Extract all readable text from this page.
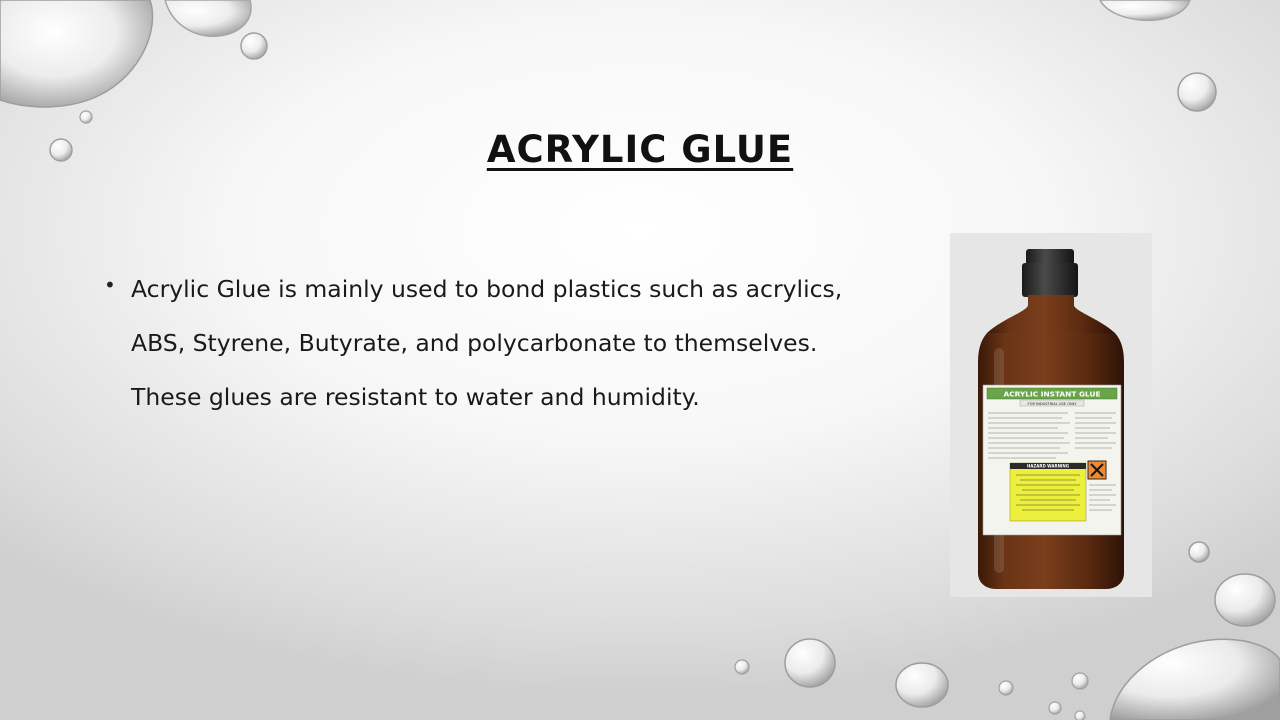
ACRYLIC GLUE
• Acrylic Glue is mainly used to bond plastics such as acrylics, ABS, Styrene, Butyrate, and polycarbonate to themselves. These glues are resistant to water and humidity.	ACRYLIC INSTANT GLUE
FOR INDUSTRIAL USE ONLY
HAZARD WARNING
